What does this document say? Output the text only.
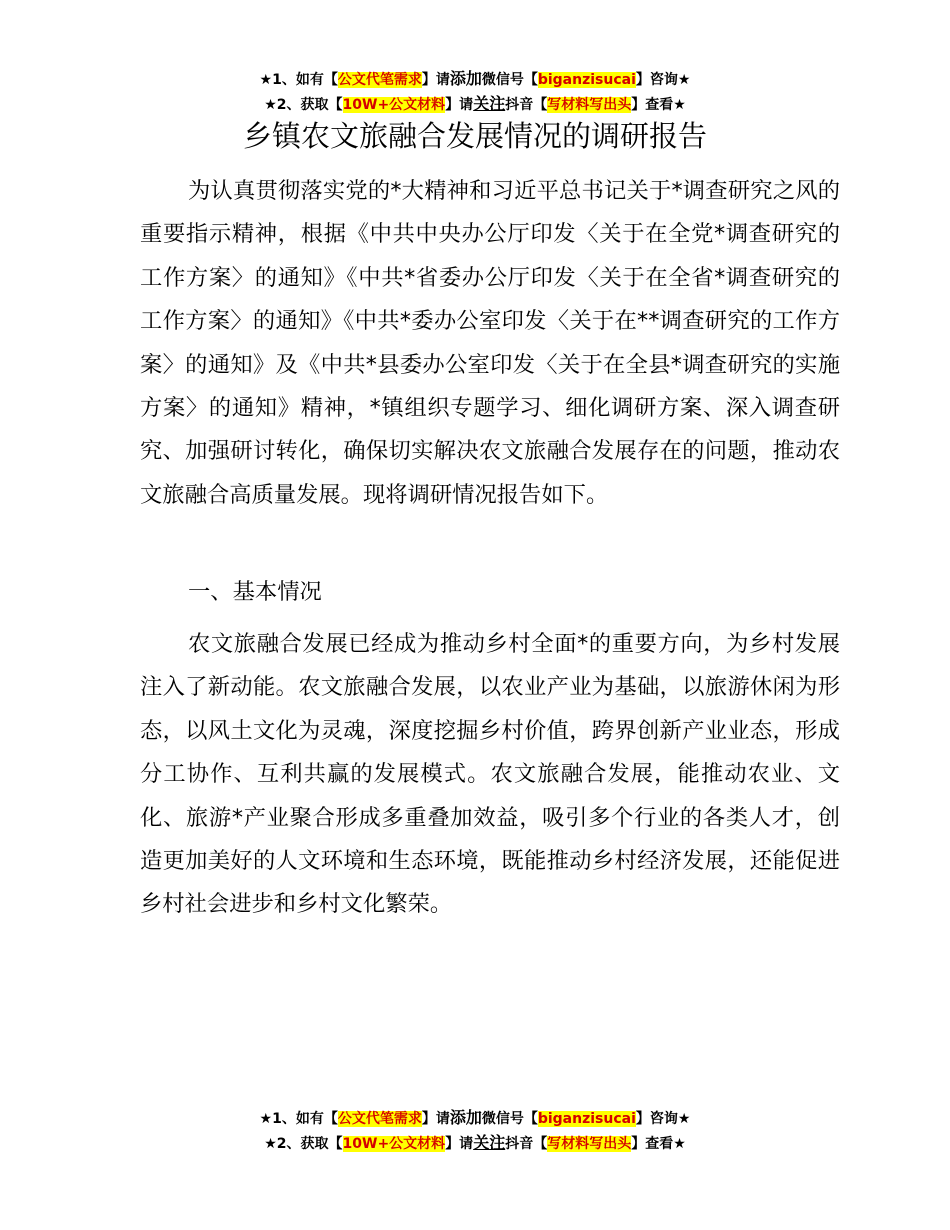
★1、如有【公文代笔需求】请添加微信号【biganzisucai】咨询★
★2、获取【10W+公文材料】请关注抖音【写材料写出头】查看★
乡镇农文旅融合发展情况的调研报告

为认真贯彻落实党的*大精神和习近平总书记关于*调查研究之风的重要指示精神，根据《中共中央办公厅印发〈关于在全党*调查研究的工作方案〉的通知》《中共*省委办公厅印发〈关于在全省*调查研究的工作方案〉的通知》《中共*委办公室印发〈关于在**调查研究的工作方案〉的通知》及《中共*县委办公室印发〈关于在全县*调查研究的实施方案〉的通知》精神，*镇组织专题学习、细化调研方案、深入调查研究、加强研讨转化，确保切实解决农文旅融合发展存在的问题，推动农文旅融合高质量发展。现将调研情况报告如下。

一、基本情况

农文旅融合发展已经成为推动乡村全面*的重要方向，为乡村发展注入了新动能。农文旅融合发展，以农业产业为基础，以旅游休闲为形态，以风土文化为灵魂，深度挖掘乡村价值，跨界创新产业业态，形成分工协作、互利共赢的发展模式。农文旅融合发展，能推动农业、文化、旅游*产业聚合形成多重叠加效益，吸引多个行业的各类人才，创造更加美好的人文环境和生态环境，既能推动乡村经济发展，还能促进乡村社会进步和乡村文化繁荣。

★1、如有【公文代笔需求】请添加微信号【biganzisucai】咨询★
★2、获取【10W+公文材料】请关注抖音【写材料写出头】查看★
